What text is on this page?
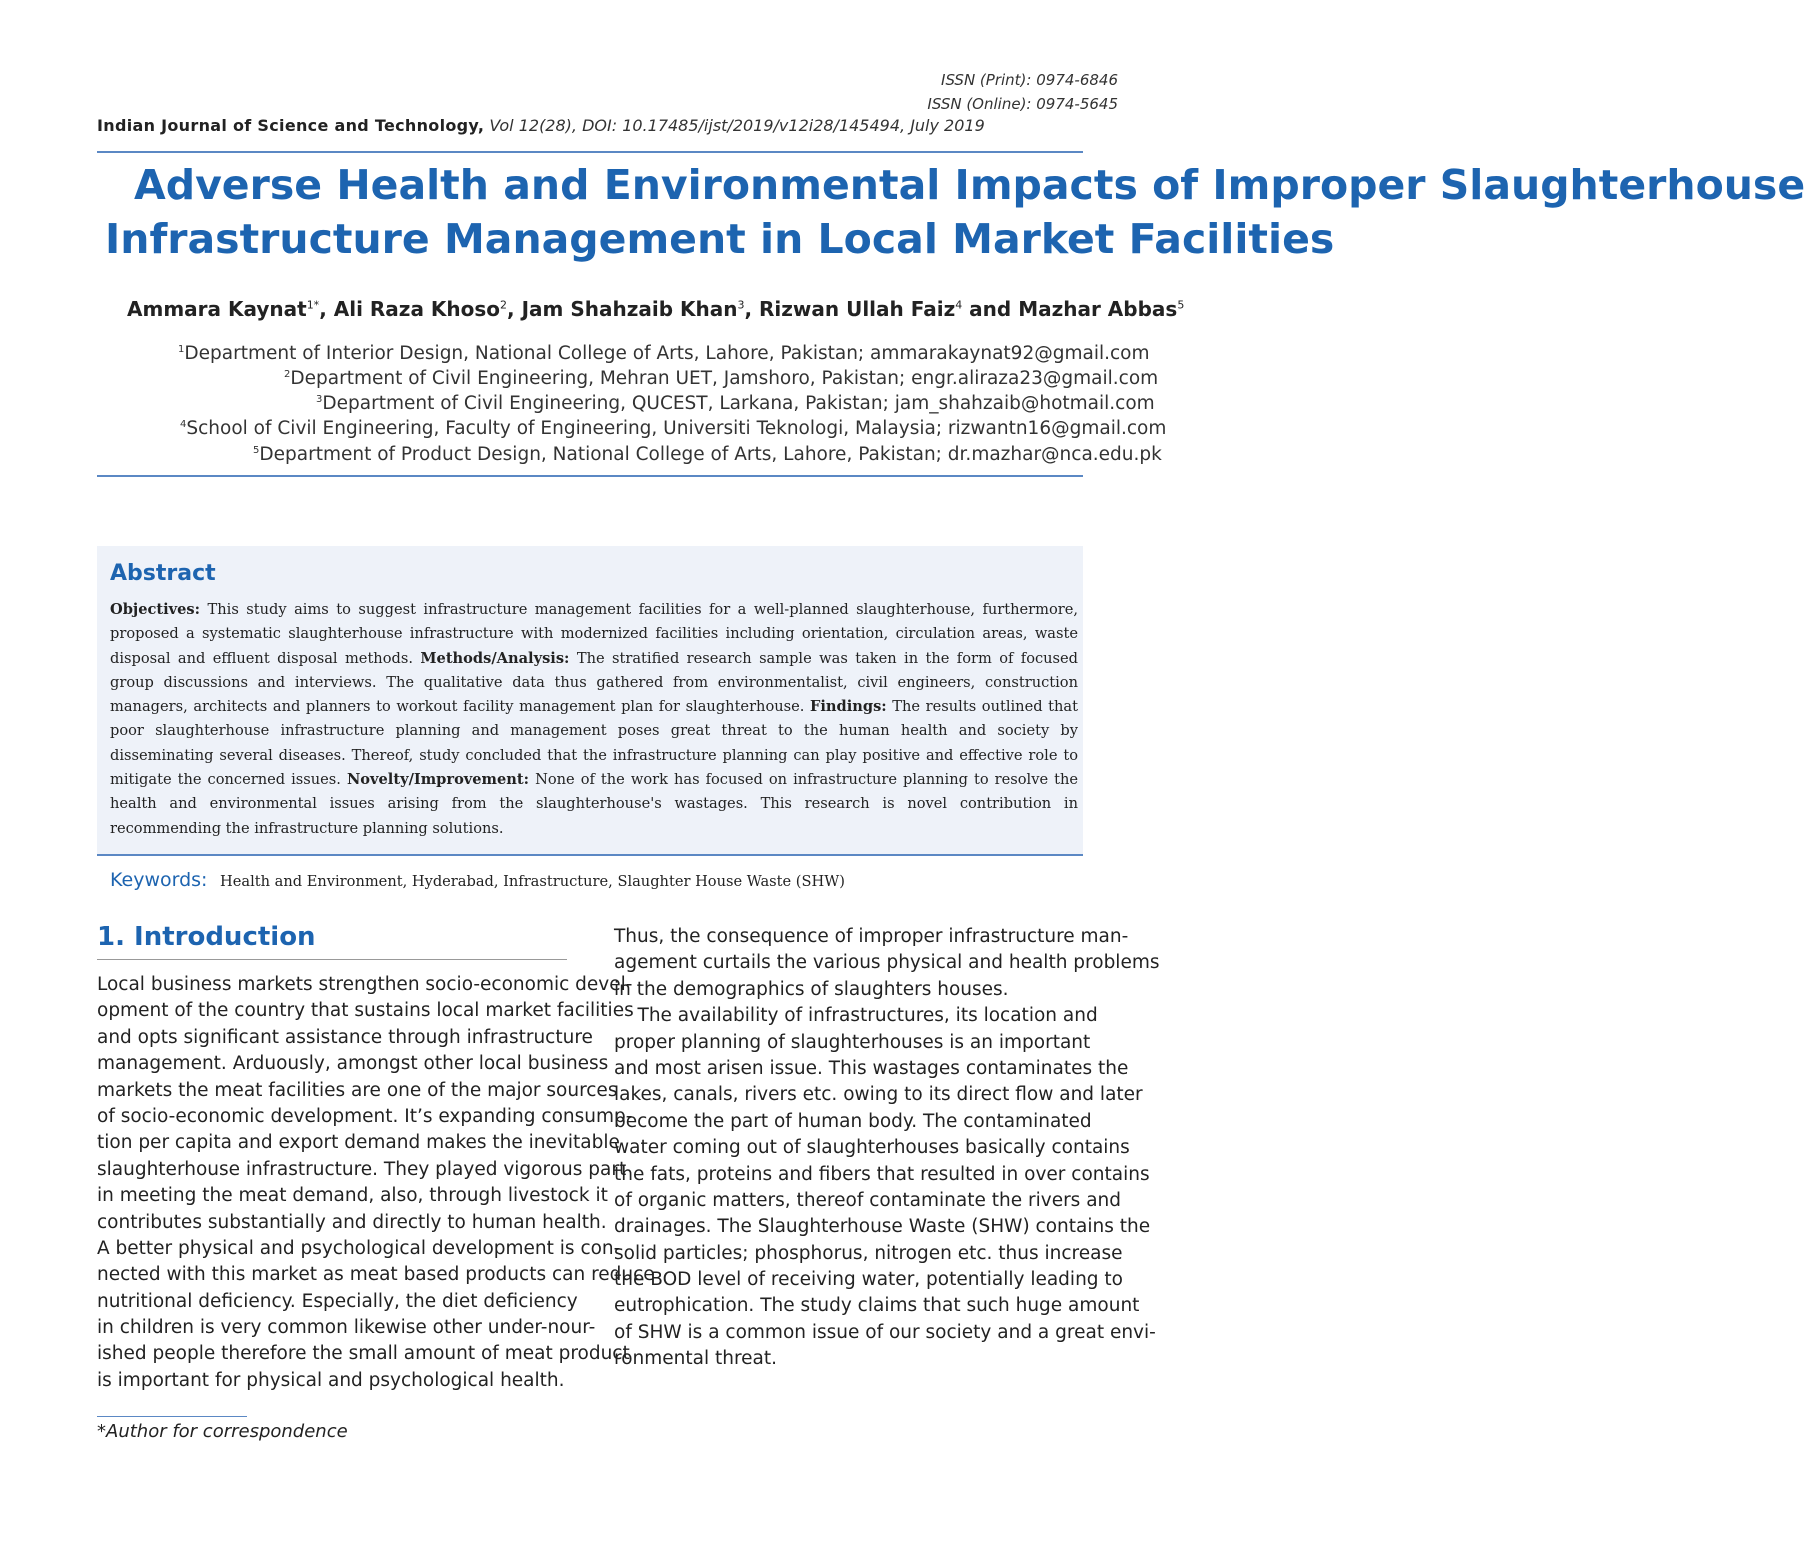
ISSN (Print): 0974-6846
ISSN (Online): 0974-5645
Indian Journal of Science and Technology, Vol 12(28), DOI: 10.17485/ijst/2019/v12i28/145494, July 2019
Adverse Health and Environmental Impacts of Improper Slaughterhouse
Infrastructure Management in Local Market Facilities
Ammara Kaynat$^{1*}$, Ali Raza Khoso$^2$, Jam Shahzaib Khan$^3$, Rizwan Ullah Faiz$^4$ and Mazhar Abbas$^5$
$^1$Department of Interior Design, National College of Arts, Lahore, Pakistan; ammarakaynat92@gmail.com
$^2$Department of Civil Engineering, Mehran UET, Jamshoro, Pakistan; engr.aliraza23@gmail.com
$^3$Department of Civil Engineering, QUCEST, Larkana, Pakistan; jam_shahzaib@hotmail.com
$^4$School of Civil Engineering, Faculty of Engineering, Universiti Teknologi, Malaysia; rizwantn16@gmail.com
$^5$Department of Product Design, National College of Arts, Lahore, Pakistan; dr.mazhar@nca.edu.pk
Abstract
Objectives: This study aims to suggest infrastructure management facilities for a well-planned slaughterhouse, furthermore, proposed a systematic slaughterhouse infrastructure with modernized facilities including orientation, circulation areas, waste disposal and effluent disposal methods. Methods/Analysis: The stratified research sample was taken in the form of focused group discussions and interviews. The qualitative data thus gathered from environmentalist, civil engineers, construction managers, architects and planners to workout facility management plan for slaughterhouse. Findings: The results outlined that poor slaughterhouse infrastructure planning and management poses great threat to the human health and society by disseminating several diseases. Thereof, study concluded that the infrastructure planning can play positive and effective role to mitigate the concerned issues. Novelty/Improvement: None of the work has focused on infrastructure planning to resolve the health and environmental issues arising from the slaughterhouse's wastages. This research is novel contribution in recommending the infrastructure planning solutions.
Keywords: Health and Environment, Hyderabad, Infrastructure, Slaughter House Waste (SHW)
1. Introduction
Local business markets strengthen socio-economic devel-
opment of the country that sustains local market facilities
and opts significant assistance through infrastructure
management. Arduously, amongst other local business
markets the meat facilities are one of the major sources
of socio-economic development. It’s expanding consump-
tion per capita and export demand makes the inevitable
slaughterhouse infrastructure. They played vigorous part
in meeting the meat demand, also, through livestock it
contributes substantially and directly to human health.
A better physical and psychological development is con-
nected with this market as meat based products can reduce
nutritional deficiency. Especially, the diet deficiency
in children is very common likewise other under-nour-
ished people therefore the small amount of meat product
is important for physical and psychological health.
Thus, the consequence of improper infrastructure man-
agement curtails the various physical and health problems
in the demographics of slaughters houses.
The availability of infrastructures, its location and
proper planning of slaughterhouses is an important
and most arisen issue. This wastages contaminates the
lakes, canals, rivers etc. owing to its direct flow and later
become the part of human body. The contaminated
water coming out of slaughterhouses basically contains
the fats, proteins and fibers that resulted in over contains
of organic matters, thereof contaminate the rivers and
drainages. The Slaughterhouse Waste (SHW) contains the
solid particles; phosphorus, nitrogen etc. thus increase
the BOD level of receiving water, potentially leading to
eutrophication. The study claims that such huge amount
of SHW is a common issue of our society and a great envi-
ronmental threat.
*Author for correspondence
